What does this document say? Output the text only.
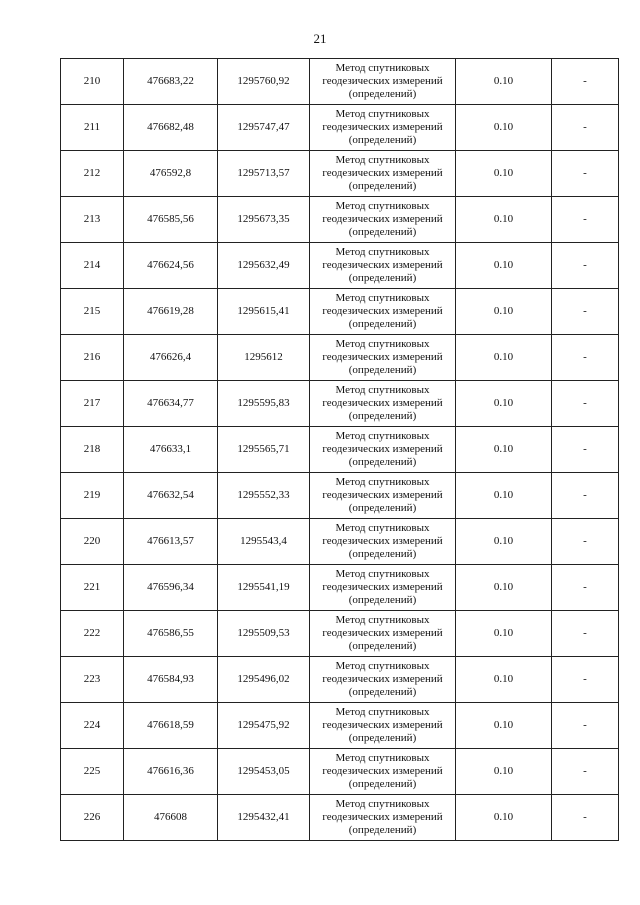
21
210	476683,22	1295760,92	Метод спутниковых
геодезических измерений
(определений)	0.10	-
211	476682,48	1295747,47	Метод спутниковых
геодезических измерений
(определений)	0.10	-
212	476592,8	1295713,57	Метод спутниковых
геодезических измерений
(определений)	0.10	-
213	476585,56	1295673,35	Метод спутниковых
геодезических измерений
(определений)	0.10	-
214	476624,56	1295632,49	Метод спутниковых
геодезических измерений
(определений)	0.10	-
215	476619,28	1295615,41	Метод спутниковых
геодезических измерений
(определений)	0.10	-
216	476626,4	1295612	Метод спутниковых
геодезических измерений
(определений)	0.10	-
217	476634,77	1295595,83	Метод спутниковых
геодезических измерений
(определений)	0.10	-
218	476633,1	1295565,71	Метод спутниковых
геодезических измерений
(определений)	0.10	-
219	476632,54	1295552,33	Метод спутниковых
геодезических измерений
(определений)	0.10	-
220	476613,57	1295543,4	Метод спутниковых
геодезических измерений
(определений)	0.10	-
221	476596,34	1295541,19	Метод спутниковых
геодезических измерений
(определений)	0.10	-
222	476586,55	1295509,53	Метод спутниковых
геодезических измерений
(определений)	0.10	-
223	476584,93	1295496,02	Метод спутниковых
геодезических измерений
(определений)	0.10	-
224	476618,59	1295475,92	Метод спутниковых
геодезических измерений
(определений)	0.10	-
225	476616,36	1295453,05	Метод спутниковых
геодезических измерений
(определений)	0.10	-
226	476608	1295432,41	Метод спутниковых
геодезических измерений
(определений)	0.10	-
